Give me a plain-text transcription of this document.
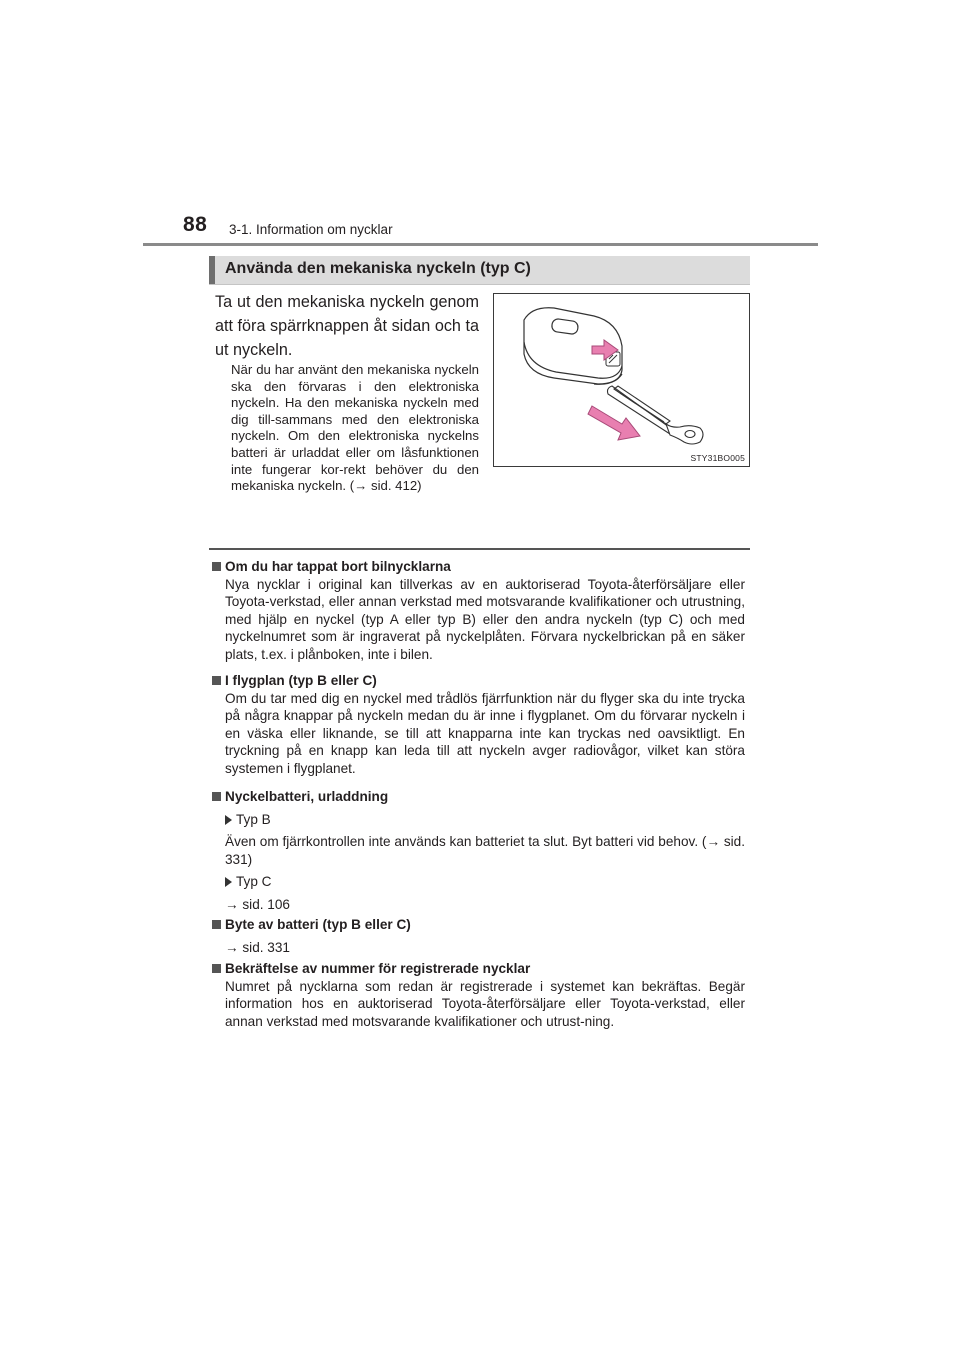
88 3-1. Information om nycklar
Använda den mekaniska nyckeln (typ C)
Ta ut den mekaniska nyckeln genom att föra spärrknappen åt sidan och ta ut nyckeln.
När du har använt den mekaniska nyckeln ska den förvaras i den elektroniska nyckeln. Ha den mekaniska nyckeln med dig till-sammans med den elektroniska nyckeln. Om den elektroniska nyckelns batteri är urladdat eller om låsfunktionen inte fungerar kor-rekt behöver du den mekaniska nyckeln. (→ sid. 412)
STY31BO005
Om du har tappat bort bilnycklarna
Nya nycklar i original kan tillverkas av en auktoriserad Toyota-återförsäljare eller Toyota-verkstad, eller annan verkstad med motsvarande kvalifikationer och utrustning, med hjälp en nyckel (typ A eller typ B) eller den andra nyckeln (typ C) och med nyckelnumret som är ingraverat på nyckelplåten. Förvara nyckelbrickan på en säker plats, t.ex. i plånboken, inte i bilen.
I flygplan (typ B eller C)
Om du tar med dig en nyckel med trådlös fjärrfunktion när du flyger ska du inte trycka på några knappar på nyckeln medan du är inne i flygplanet. Om du förvarar nyckeln i en väska eller liknande, se till att knapparna inte kan tryckas ned oavsiktligt. En tryckning på en knapp kan leda till att nyckeln avger radiovågor, vilket kan störa systemen i flygplanet.
Nyckelbatteri, urladdning
Typ B
Även om fjärrkontrollen inte används kan batteriet ta slut. Byt batteri vid behov. (→ sid. 331)
Typ C
→ sid. 106
Byte av batteri (typ B eller C)
→ sid. 331
Bekräftelse av nummer för registrerade nycklar
Numret på nycklarna som redan är registrerade i systemet kan bekräftas. Begär information hos en auktoriserad Toyota-återförsäljare eller Toyota-verkstad, eller annan verkstad med motsvarande kvalifikationer och utrust-ning.
